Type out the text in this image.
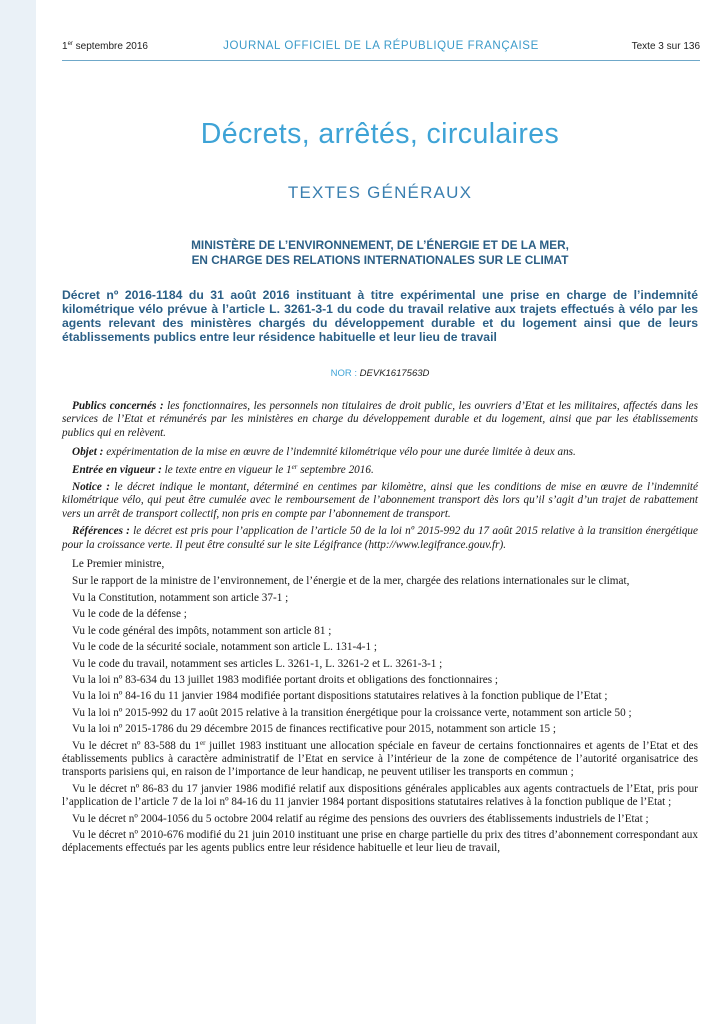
1er septembre 2016	JOURNAL OFFICIEL DE LA RÉPUBLIQUE FRANÇAISE	Texte 3 sur 136
Décrets, arrêtés, circulaires
TEXTES GÉNÉRAUX
MINISTÈRE DE L’ENVIRONNEMENT, DE L’ÉNERGIE ET DE LA MER,
EN CHARGE DES RELATIONS INTERNATIONALES SUR LE CLIMAT
Décret nº 2016-1184 du 31 août 2016 instituant à titre expérimental une prise en charge de l’indemnité kilométrique vélo prévue à l’article L. 3261-3-1 du code du travail relative aux trajets effectués à vélo par les agents relevant des ministères chargés du développement durable et du logement ainsi que de leurs établissements publics entre leur résidence habituelle et leur lieu de travail
NOR : DEVK1617563D

Publics concernés : les fonctionnaires, les personnels non titulaires de droit public, les ouvriers d’Etat et les militaires, affectés dans les services de l’Etat et rémunérés par les ministères en charge du développement durable et du logement, ainsi que par les établissements publics qui en relèvent.

Objet : expérimentation de la mise en œuvre de l’indemnité kilométrique vélo pour une durée limitée à deux ans.

Entrée en vigueur : le texte entre en vigueur le 1er septembre 2016.

Notice : le décret indique le montant, déterminé en centimes par kilomètre, ainsi que les conditions de mise en œuvre de l’indemnité kilométrique vélo, qui peut être cumulée avec le remboursement de l’abonnement transport dès lors qu’il s’agit d’un trajet de rabattement vers un arrêt de transport collectif, non pris en compte par l’abonnement de transport.

Références : le décret est pris pour l’application de l’article 50 de la loi nº 2015-992 du 17 août 2015 relative à la transition énergétique pour la croissance verte. Il peut être consulté sur le site Légifrance (http://www.legifrance.gouv.fr).

Le Premier ministre,

Sur le rapport de la ministre de l’environnement, de l’énergie et de la mer, chargée des relations internationales sur le climat,

Vu la Constitution, notamment son article 37-1 ;

Vu le code de la défense ;

Vu le code général des impôts, notamment son article 81 ;

Vu le code de la sécurité sociale, notamment son article L. 131-4-1 ;

Vu le code du travail, notamment ses articles L. 3261-1, L. 3261-2 et L. 3261-3-1 ;

Vu la loi nº 83-634 du 13 juillet 1983 modifiée portant droits et obligations des fonctionnaires ;

Vu la loi nº 84-16 du 11 janvier 1984 modifiée portant dispositions statutaires relatives à la fonction publique de l’Etat ;

Vu la loi nº 2015-992 du 17 août 2015 relative à la transition énergétique pour la croissance verte, notamment son article 50 ;

Vu la loi nº 2015-1786 du 29 décembre 2015 de finances rectificative pour 2015, notamment son article 15 ;

Vu le décret nº 83-588 du 1er juillet 1983 instituant une allocation spéciale en faveur de certains fonctionnaires et agents de l’Etat et des établissements publics à caractère administratif de l’Etat en service à l’intérieur de la zone de compétence de l’autorité organisatrice des transports parisiens qui, en raison de l’importance de leur handicap, ne peuvent utiliser les transports en commun ;

Vu le décret nº 86-83 du 17 janvier 1986 modifié relatif aux dispositions générales applicables aux agents contractuels de l’Etat, pris pour l’application de l’article 7 de la loi nº 84-16 du 11 janvier 1984 portant dispositions statutaires relatives à la fonction publique de l’Etat ;

Vu le décret nº 2004-1056 du 5 octobre 2004 relatif au régime des pensions des ouvriers des établissements industriels de l’Etat ;

Vu le décret nº 2010-676 modifié du 21 juin 2010 instituant une prise en charge partielle du prix des titres d’abonnement correspondant aux déplacements effectués par les agents publics entre leur résidence habituelle et leur lieu de travail,
